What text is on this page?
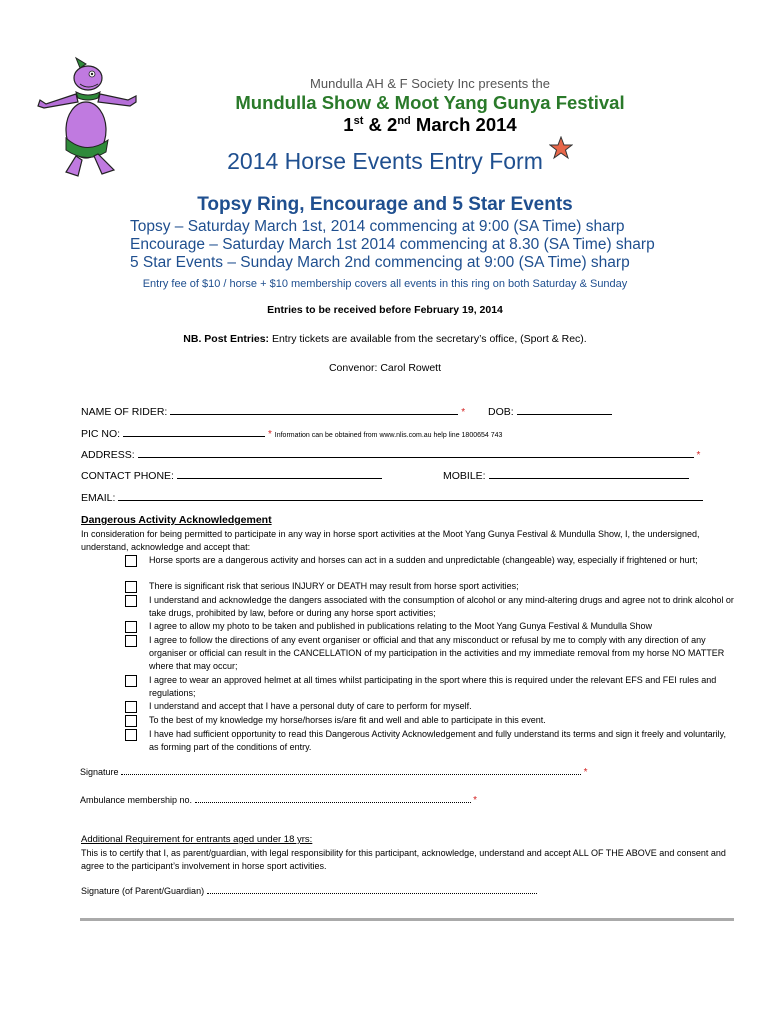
Mundulla AH & F Society Inc presents the
Mundulla Show & Moot Yang Gunya Festival
1st & 2nd March 2014
2014 Horse Events Entry Form
Topsy Ring, Encourage and 5 Star Events
Topsy – Saturday March 1st, 2014 commencing at 9:00 (SA Time) sharp
Encourage – Saturday March 1st 2014 commencing at 8.30 (SA Time) sharp
5 Star Events – Sunday March 2nd commencing at 9:00 (SA Time) sharp
Entry fee of $10 / horse + $10 membership covers all events in this ring on both Saturday & Sunday
Entries to be received before February 19, 2014
NB. Post Entries: Entry tickets are available from the secretary’s office, (Sport & Rec).
Convenor: Carol Rowett
NAME OF RIDER:	* DOB:
PIC NO:	* Information can be obtained from www.nlis.com.au help line 1800654 743
ADDRESS:	*
CONTACT PHONE:	MOBILE:
EMAIL:
Dangerous Activity Acknowledgement
In consideration for being permitted to participate in any way in horse sport activities at the Moot Yang Gunya Festival & Mundulla Show, I, the undersigned, understand, acknowledge and accept that:
Horse sports are a dangerous activity and horses can act in a sudden and unpredictable (changeable) way, especially if frightened or hurt;
There is significant risk that serious INJURY or DEATH may result from horse sport activities;
I understand and acknowledge the dangers associated with the consumption of alcohol or any mind-altering drugs and agree not to drink alcohol or take drugs, prohibited by law, before or during any horse sport activities;
I agree to allow my photo to be taken and published in publications relating to the Moot Yang Gunya Festival & Mundulla Show
I agree to follow the directions of any event organiser or official and that any misconduct or refusal by me to comply with any direction of any organiser or official can result in the CANCELLATION of my participation in the activities and my immediate removal from my horse NO MATTER where that may occur;
I agree to wear an approved helmet at all times whilst participating in the sport where this is required under the relevant EFS and FEI rules and regulations;
I understand and accept that I have a personal duty of care to perform for myself.
To the best of my knowledge my horse/horses is/are fit and well and able to participate in this event.
I have had sufficient opportunity to read this Dangerous Activity Acknowledgement and fully understand its terms and sign it freely and voluntarily, as forming part of the conditions of entry.
Signature	*
Ambulance membership no.	*
Additional Requirement for entrants aged under 18 yrs:
This is to certify that I, as parent/guardian, with legal responsibility for this participant, acknowledge, understand and accept ALL OF THE ABOVE and consent and agree to the participant’s involvement in horse sport activities.
Signature (of Parent/Guardian)
